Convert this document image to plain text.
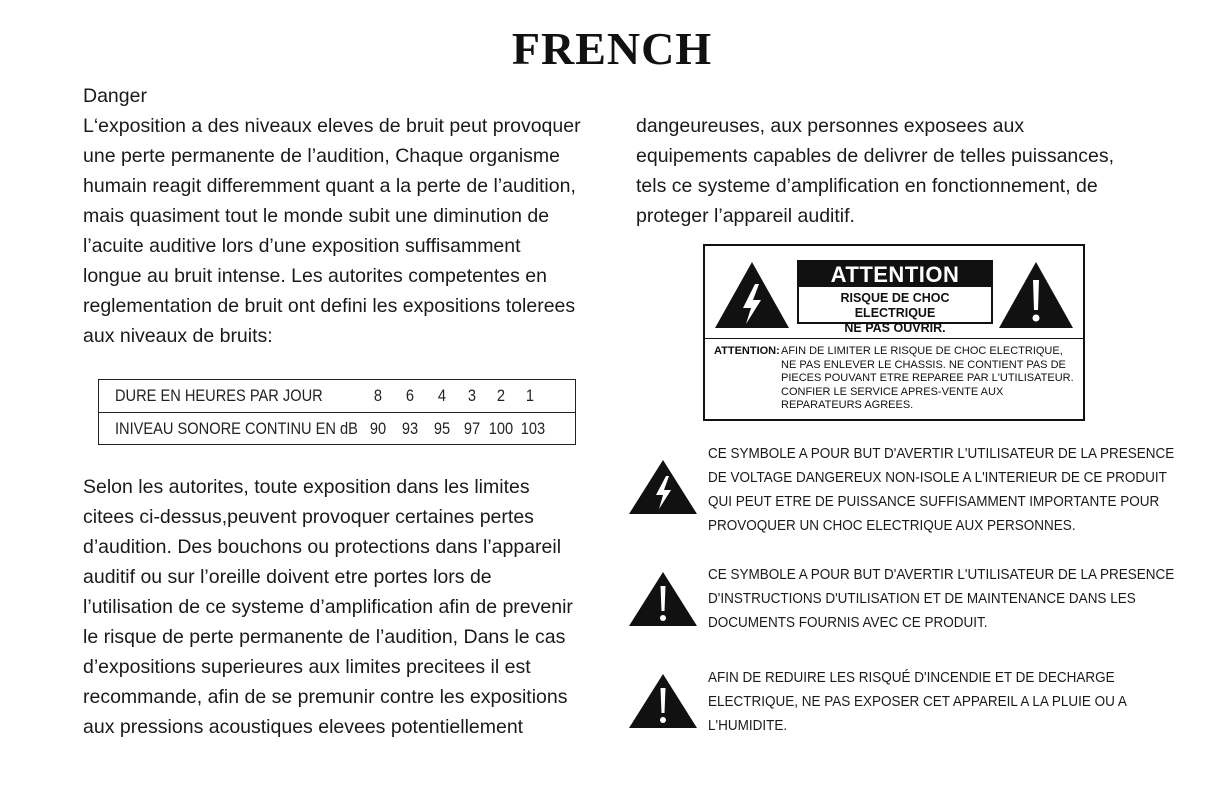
FRENCH
Danger
L‘exposition a des niveaux eleves de bruit peut provoquer
une perte permanente de l’audition, Chaque organisme
humain reagit differemment quant a la perte de l’audition,
mais quasiment tout le monde subit une diminution de
l’acuite auditive lors d’une exposition suffisamment
longue au bruit intense. Les autorites competentes en
reglementation de bruit ont defini les expositions tolerees
aux niveaux de bruits:
DURE EN HEURES PAR JOUR	8	6	4	3	2	1
INIVEAU SONORE CONTINU EN dB 90 93 95 97 100 103
Selon les autorites, toute exposition dans les limites
citees ci-dessus,peuvent provoquer certaines pertes
d’audition. Des bouchons ou protections dans l’appareil
auditif ou sur l’oreille doivent etre portes lors de
l’utilisation de ce systeme d’amplification afin de prevenir
le risque de perte permanente de l’audition, Dans le cas
d’expositions superieures aux limites precitees il est
recommande, afin de se premunir contre les expositions
aux pressions acoustiques elevees potentiellement
dangeureuses, aux personnes exposees aux
equipements capables de delivrer de telles puissances,
tels ce systeme d’amplification en fonctionnement, de
proteger l’appareil auditif.
ATTENTION
RISQUE DE CHOC ELECTRIQUE
NE PAS OUVRIR.
ATTENTION: AFIN DE LIMITER LE RISQUE DE CHOC ELECTRIQUE,
NE PAS ENLEVER LE CHASSIS. NE CONTIENT PAS DE
PIECES POUVANT ETRE REPAREE PAR L'UTILISATEUR.
CONFIER LE SERVICE APRES-VENTE AUX
REPARATEURS AGREES.
CE SYMBOLE A POUR BUT D'AVERTIR L'UTILISATEUR DE LA PRESENCE
DE VOLTAGE DANGEREUX NON-ISOLE A L'INTERIEUR DE CE PRODUIT
QUI PEUT ETRE DE PUISSANCE SUFFISAMMENT IMPORTANTE POUR
PROVOQUER UN CHOC ELECTRIQUE AUX PERSONNES.
CE SYMBOLE A POUR BUT D'AVERTIR L'UTILISATEUR DE LA PRESENCE
D'INSTRUCTIONS D'UTILISATION ET DE MAINTENANCE DANS LES
DOCUMENTS FOURNIS AVEC CE PRODUIT.
AFIN DE REDUIRE LES RISQUÉ D'INCENDIE ET DE DECHARGE
ELECTRIQUE, NE PAS EXPOSER CET APPAREIL A LA PLUIE OU A
L'HUMIDITE.
